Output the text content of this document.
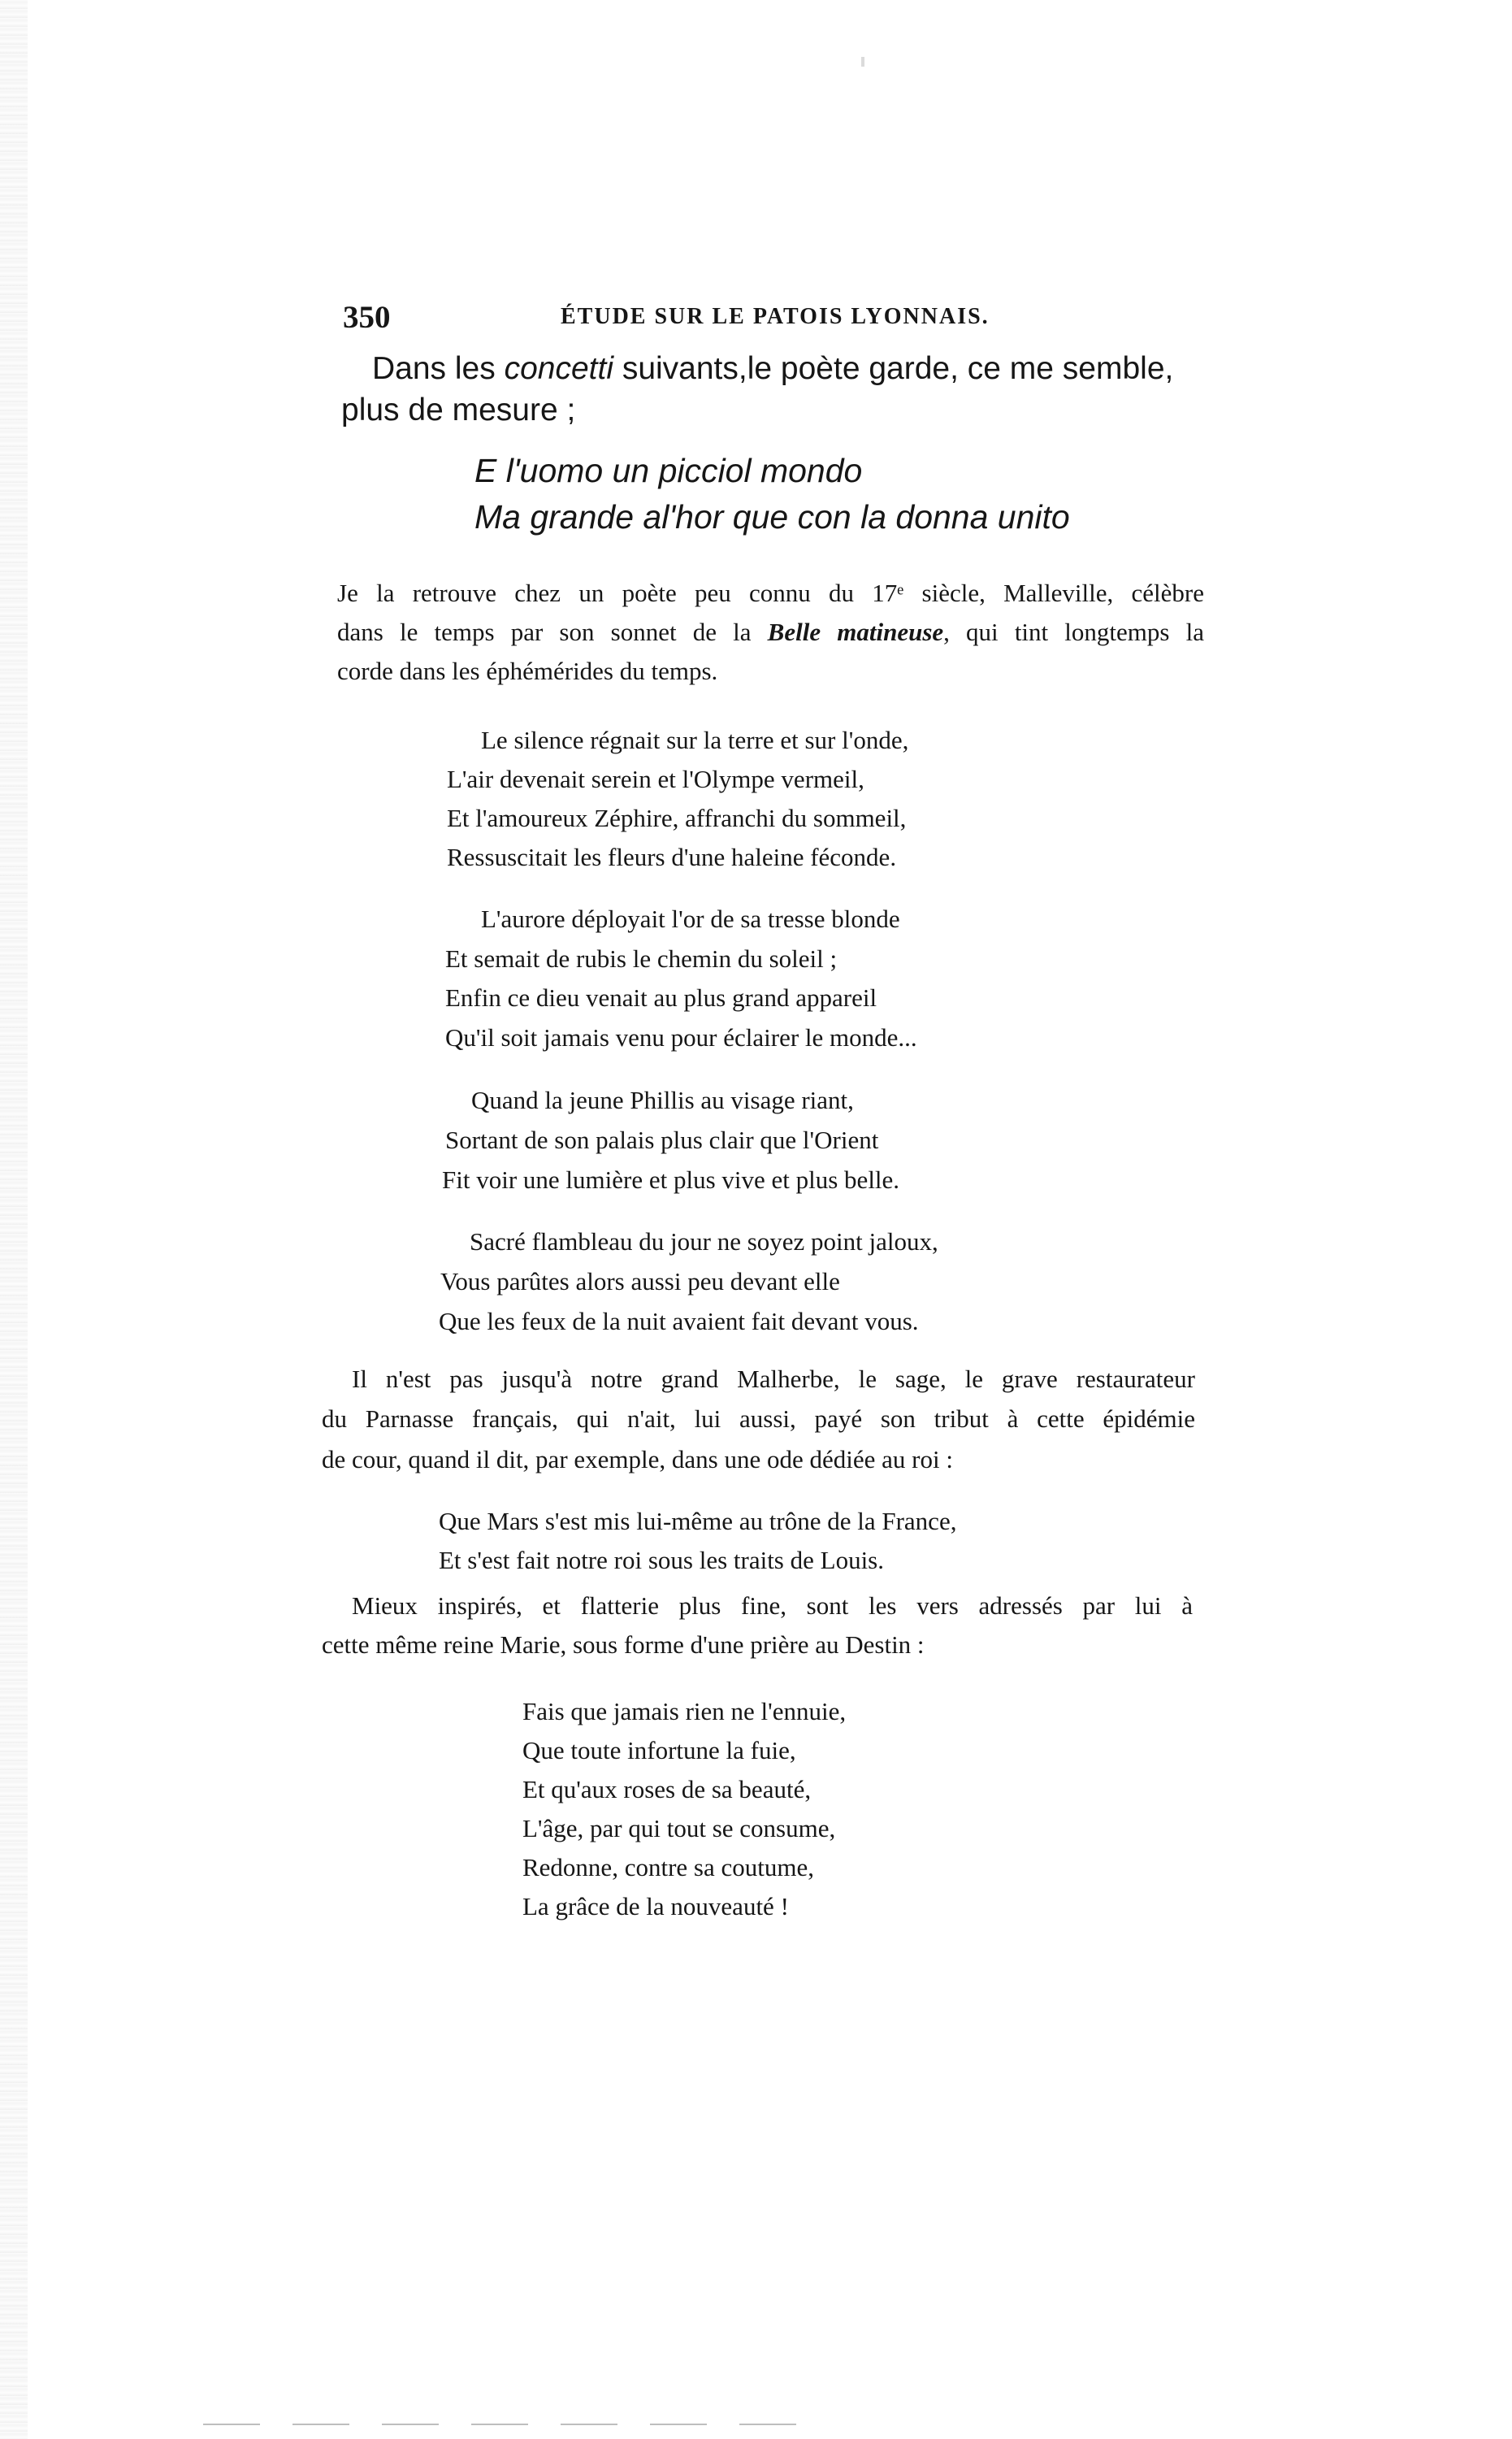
350	ÉTUDE SUR LE PATOIS LYONNAIS.
Dans les concetti suivants,le poète garde, ce me semble,
plus de mesure ;
E l'uomo un picciol mondo
Ma grande al'hor que con la donna unito
Je la retrouve chez un poète peu connu du 17ᵉ siècle, Malleville, célèbre
dans le temps par son sonnet de la Belle matineuse, qui tint longtemps la
corde dans les éphémérides du temps.
Le silence régnait sur la terre et sur l'onde,
L'air devenait serein et l'Olympe vermeil,
Et l'amoureux Zéphire, affranchi du sommeil,
Ressuscitait les fleurs d'une haleine féconde.
L'aurore déployait l'or de sa tresse blonde
Et semait de rubis le chemin du soleil ;
Enfin ce dieu venait au plus grand appareil
Qu'il soit jamais venu pour éclairer le monde...
Quand la jeune Phillis au visage riant,
Sortant de son palais plus clair que l'Orient
Fit voir une lumière et plus vive et plus belle.
Sacré flambleau du jour ne soyez point jaloux,
Vous parûtes alors aussi peu devant elle
Que les feux de la nuit avaient fait devant vous.
Il n'est pas jusqu'à notre grand Malherbe, le sage, le grave restaurateur
du Parnasse français, qui n'ait, lui aussi, payé son tribut à cette épidémie
de cour, quand il dit, par exemple, dans une ode dédiée au roi :
Que Mars s'est mis lui-même au trône de la France,
Et s'est fait notre roi sous les traits de Louis.
Mieux inspirés, et flatterie plus fine, sont les vers adressés par lui à
cette même reine Marie, sous forme d'une prière au Destin :
Fais que jamais rien ne l'ennuie,
Que toute infortune la fuie,
Et qu'aux roses de sa beauté,
L'âge, par qui tout se consume,
Redonne, contre sa coutume,
La grâce de la nouveauté !
